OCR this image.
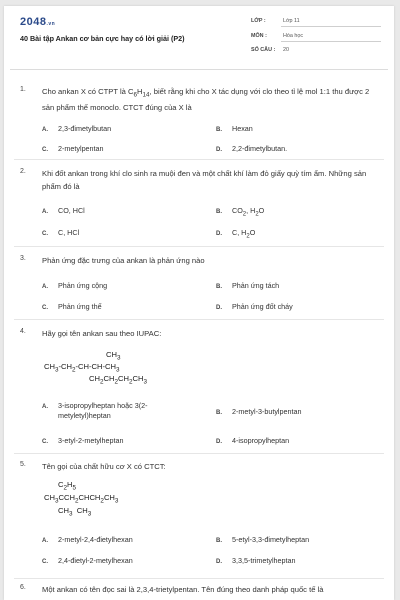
2048.vn
40 Bài tập Ankan cơ bản cực hay có lời giải (P2)
LỚP :	Lớp 11
MÔN :	Hóa học
SỐ CÂU : 20
1. Cho ankan X có CTPT là $C_6H_{14}$, biết rằng khi cho X tác dụng với clo theo tỉ lệ mol 1:1 thu được 2 sản phẩm thế monoclo. CTCT đúng của X là
A. 2,3-đimetylbutan	B. Hexan
C. 2-metylpentan	D. 2,2-đimetylbutan.
2. Khi đốt ankan trong khí clo sinh ra muội đen và một chất khí làm đỏ giấy quỳ tím ẩm. Những sản phẩm đó là
A. CO, HCl	B. $CO_2$, $H_2O$
C. C, HCl	D. C, $H_2O$
3. Phản ứng đặc trưng của ankan là phản ứng nào
A. Phản ứng cộng	B. Phản ứng tách
C. Phản ứng thế	D. Phản ứng đốt cháy
4. Hãy gọi tên ankan sau theo IUPAC:
$CH_3$
$CH_3-CH_2-CH-CH-CH_3$
$CH_2CH_2CH_2CH_3$
A. 3-isopropylheptan hoặc 3(2-metyletyl)heptan	B. 2-metyl-3-butylpentan
C. 3-etyl-2-metylheptan	D. 4-isopropylheptan
5. Tên gọi của chất hữu cơ X có CTCT:
$C_2H_5$
$CH_3CCH_2CHCH_2CH_3$
$CH_3$  $CH_3$
A. 2-metyl-2,4-đietylhexan	B. 5-etyl-3,3-đimetylheptan
C. 2,4-đietyl-2-metylhexan	D. 3,3,5-trimetylheptan
6. Một ankan có tên đọc sai là 2,3,4-trietylpentan. Tên đúng theo danh pháp quốc tế là
